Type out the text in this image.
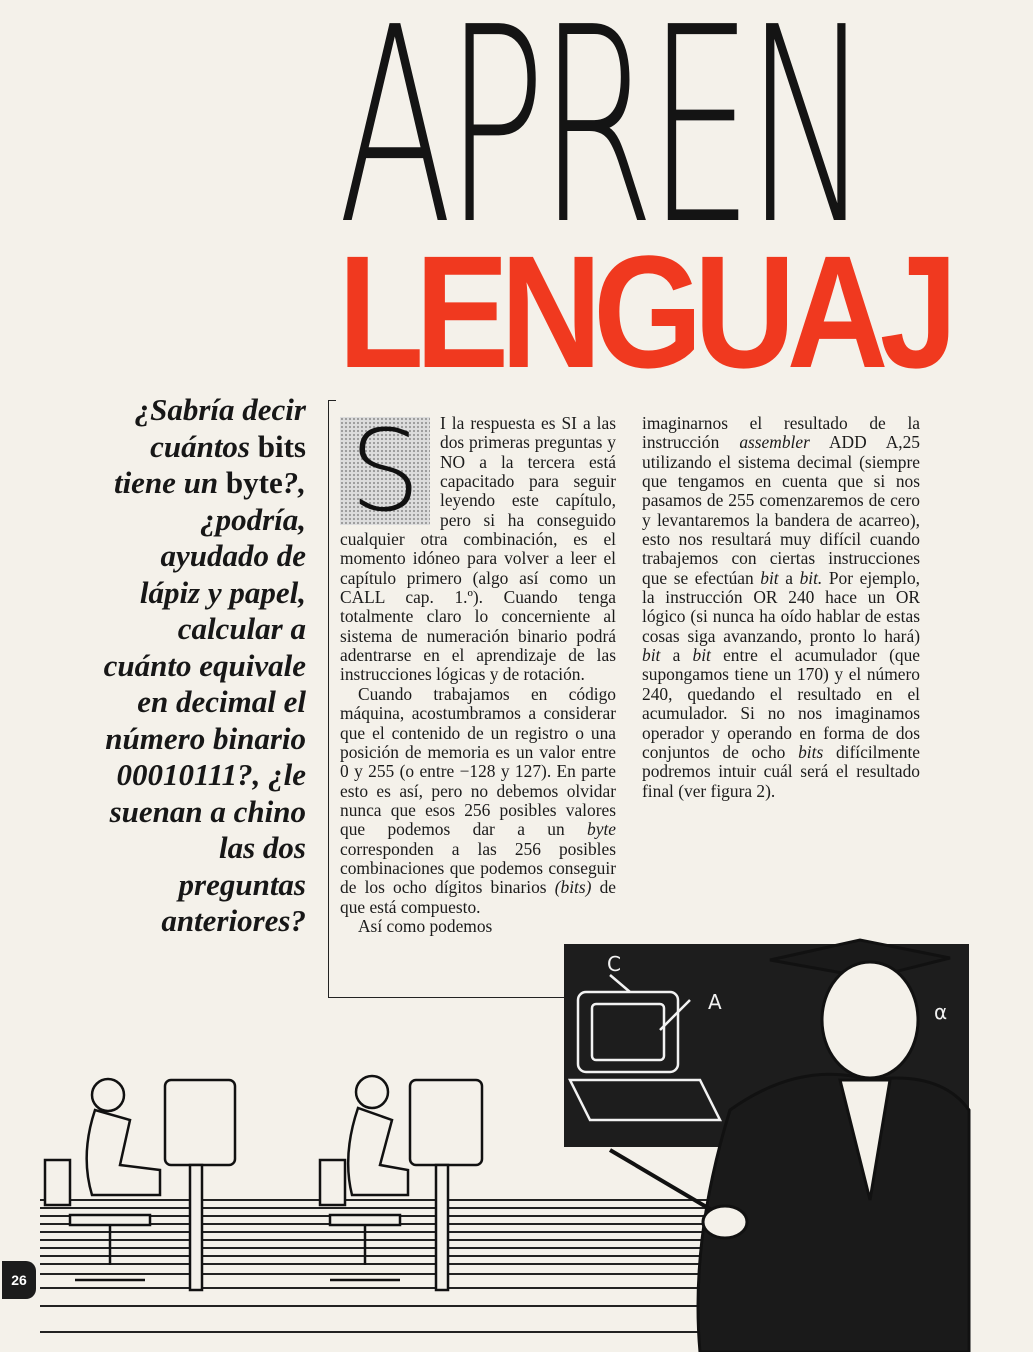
APREN
LENGUAJ
¿Sabría decir
cuántos bits
tiene un byte?,
¿podría,
ayudado de
lápiz y papel,
calcular a
cuánto equivale
en decimal el
número binario
00010111?, ¿le
suenan a chino
las dos
preguntas
anteriores?

S	I la respuesta es SI a las dos primeras preguntas y NO a la tercera está capacitado para seguir leyendo este capítulo, pero si ha conseguido cualquier otra combinación, es el momento idóneo para volver a leer el capítulo primero (algo así como un CALL cap. 1.º). Cuando tenga totalmente claro lo concerniente al sistema de numeración binario podrá adentrarse en el aprendizaje de las instrucciones lógicas y de rotación.

Cuando trabajamos en código máquina, acostumbramos a considerar que el contenido de un registro o una posición de memoria es un valor entre 0 y 255 (o entre −128 y 127). En parte esto es así, pero no debemos olvidar nunca que esos 256 posibles valores que podemos dar a un byte corresponden a las 256 posibles combinaciones que podemos conseguir de los ocho dígitos binarios (bits) de que está compuesto.

Así como podemos

imaginarnos el resultado de la instrucción assembler ADD A,25 utilizando el sistema decimal (siempre que tengamos en cuenta que si nos pasamos de 255 comenzaremos de cero y levantaremos la bandera de acarreo), esto nos resultará muy difícil cuando trabajemos con ciertas instrucciones que se efectúan bit a bit. Por ejemplo, la instrucción OR 240 hace un OR lógico (si nunca ha oído hablar de estas cosas siga avanzando, pronto lo hará) bit a bit entre el acumulador (que supongamos tiene un 170) y el número 240, quedando el resultado en el acumulador. Si no nos imaginamos operador y operando en forma de dos conjuntos de ocho bits difícilmente podremos intuir cuál será el resultado final (ver figura 2).

C
A	α
26
